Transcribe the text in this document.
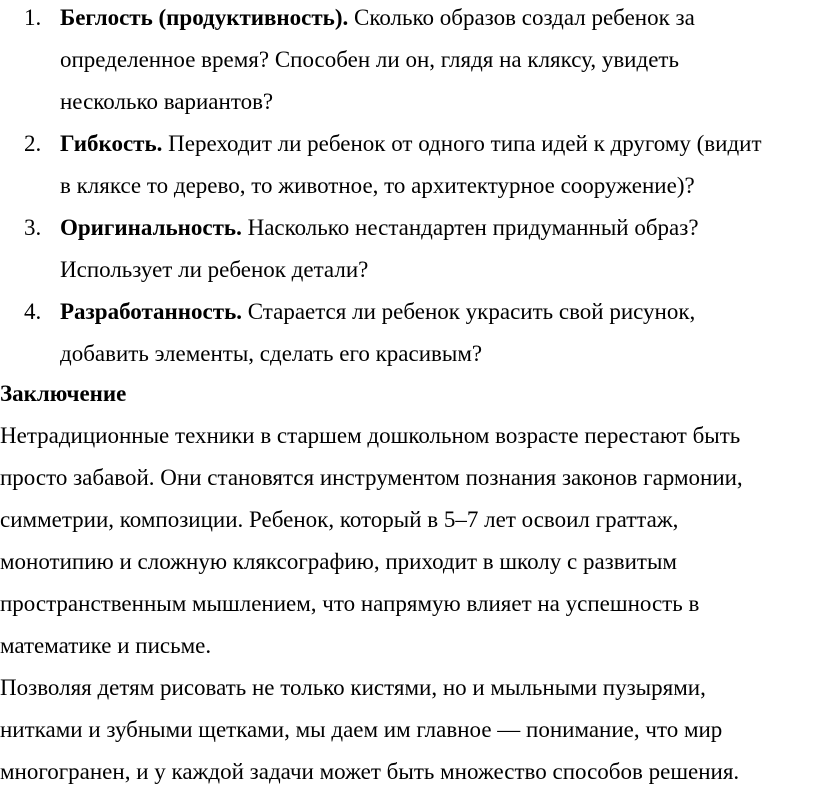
1. Беглость (продуктивность). Сколько образов создал ребенок за
определенное время? Способен ли он, глядя на кляксу, увидеть
несколько вариантов?
2. Гибкость. Переходит ли ребенок от одного типа идей к другому (видит
в кляксе то дерево, то животное, то архитектурное сооружение)?
3. Оригинальность. Насколько нестандартен придуманный образ?
Использует ли ребенок детали?
4. Разработанность. Старается ли ребенок украсить свой рисунок,
добавить элементы, сделать его красивым?

Заключение

Нетрадиционные техники в старшем дошкольном возрасте перестают быть
просто забавой. Они становятся инструментом познания законов гармонии,
симметрии, композиции. Ребенок, который в 5–7 лет освоил граттаж,
монотипию и сложную кляксографию, приходит в школу с развитым
пространственным мышлением, что напрямую влияет на успешность в
математике и письме.

Позволяя детям рисовать не только кистями, но и мыльными пузырями,
нитками и зубными щетками, мы даем им главное — понимание, что мир
многогранен, и у каждой задачи может быть множество способов решения.
